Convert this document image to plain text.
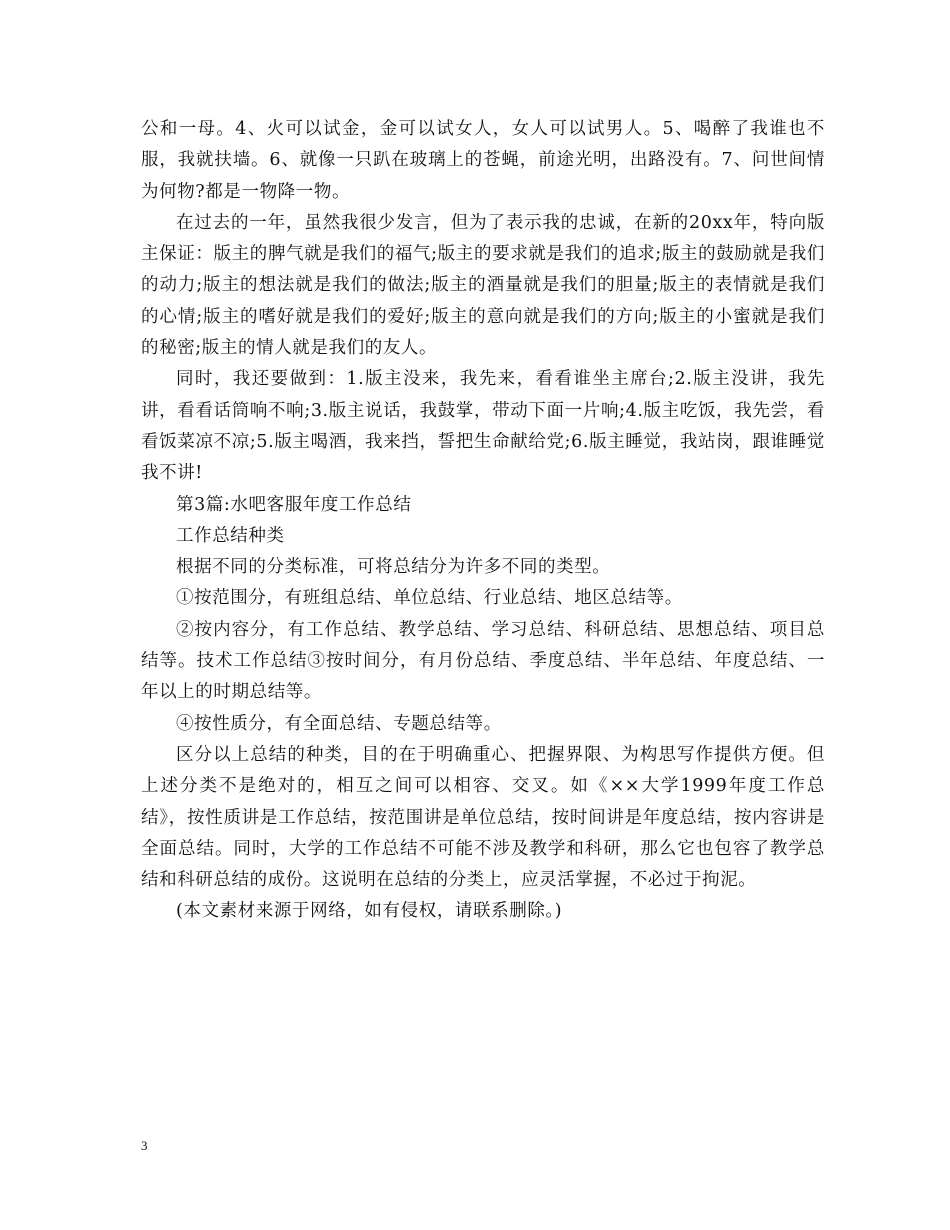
公和一母。4、火可以试金，金可以试女人，女人可以试男人。5、喝醉了我谁也不服，我就扶墙。6、就像一只趴在玻璃上的苍蝇，前途光明，出路没有。7、问世间情为何物?都是一物降一物。

在过去的一年，虽然我很少发言，但为了表示我的忠诚，在新的20xx年，特向版主保证：版主的脾气就是我们的福气;版主的要求就是我们的追求;版主的鼓励就是我们的动力;版主的想法就是我们的做法;版主的酒量就是我们的胆量;版主的表情就是我们的心情;版主的嗜好就是我们的爱好;版主的意向就是我们的方向;版主的小蜜就是我们的秘密;版主的情人就是我们的友人。

同时，我还要做到：1.版主没来，我先来，看看谁坐主席台;2.版主没讲，我先讲，看看话筒响不响;3.版主说话，我鼓掌，带动下面一片响;4.版主吃饭，我先尝，看看饭菜凉不凉;5.版主喝酒，我来挡，誓把生命献给党;6.版主睡觉，我站岗，跟谁睡觉我不讲!

第3篇:水吧客服年度工作总结

工作总结种类

根据不同的分类标准，可将总结分为许多不同的类型。

①按范围分，有班组总结、单位总结、行业总结、地区总结等。

②按内容分，有工作总结、教学总结、学习总结、科研总结、思想总结、项目总结等。技术工作总结③按时间分，有月份总结、季度总结、半年总结、年度总结、一年以上的时期总结等。

④按性质分，有全面总结、专题总结等。

区分以上总结的种类，目的在于明确重心、把握界限、为构思写作提供方便。但上述分类不是绝对的，相互之间可以相容、交叉。如《××大学1999年度工作总结》，按性质讲是工作总结，按范围讲是单位总结，按时间讲是年度总结，按内容讲是全面总结。同时，大学的工作总结不可能不涉及教学和科研，那么它也包容了教学总结和科研总结的成份。这说明在总结的分类上，应灵活掌握，不必过于拘泥。

(本文素材来源于网络，如有侵权，请联系删除。)

3
